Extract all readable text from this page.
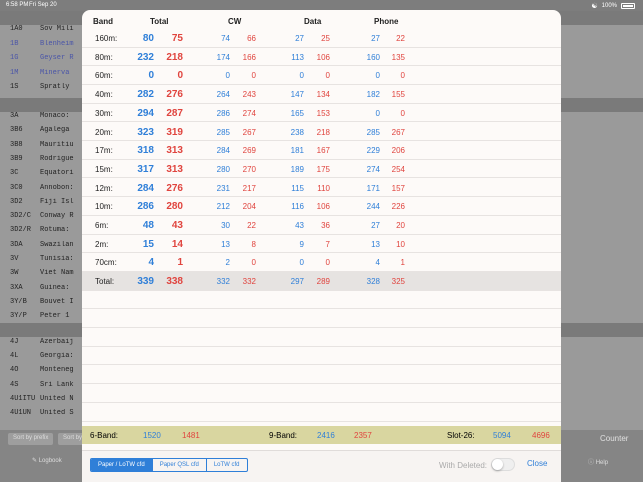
6:58 PM Fri Sep 20	☯ 100%
1A0 Sov Mili
1B	Blenheim
1G	Geyser R
1M	Minerva
1S	Spratly
3A	Monaco:
3B6 Agalega
3B8 Mauritiu
3B9 Rodrigue
3C	Equatori
3C0 Annobon:
3D2 Fiji Isl
3D2/C Conway R
3D2/R Rotuma:
3DA Swazilan
3V	Tunisia:
3W	Viet Nam
3XA Guinea:
3Y/B Bouvet I
3Y/P Peter 1
4J	Azerbaij
4L	Georgia:
4O	Monteneg
4S	Sri Lank
4U1ITU United N
4U1UN United S
Sort by prefix	Sort by	Counter
✎ Logbook	ⓘ Help
Band	Total	CW	Data	Phone
160m:	80	75	74	66	27	25	27	22
80m:	232	218	174	166	113	106	160	135
60m:	0	0	0	0	0	0	0	0
40m:	282	276	264	243	147	134	182	155
30m:	294	287	286	274	165	153	0	0
20m:	323	319	285	267	238	218	285	267
17m:	318	313	284	269	181	167	229	206
15m:	317	313	280	270	189	175	274	254
12m:	284	276	231	217	115	110	171	157
10m:	286	280	212	204	116	106	244	226
6m:	48	43	30	22	43	36	27	20
2m:	15	14	13	8	9	7	13	10
70cm:	4	1	2	0	0	0	4	1
Total:	339	338	332	332	297	289	328	325
6-Band:	1520	1481	9-Band: 2416 2357	Slot-26: 5094	4696
Paper / LoTW cfd	Paper QSL cfd	LoTW cfd	With Deleted:	Close
